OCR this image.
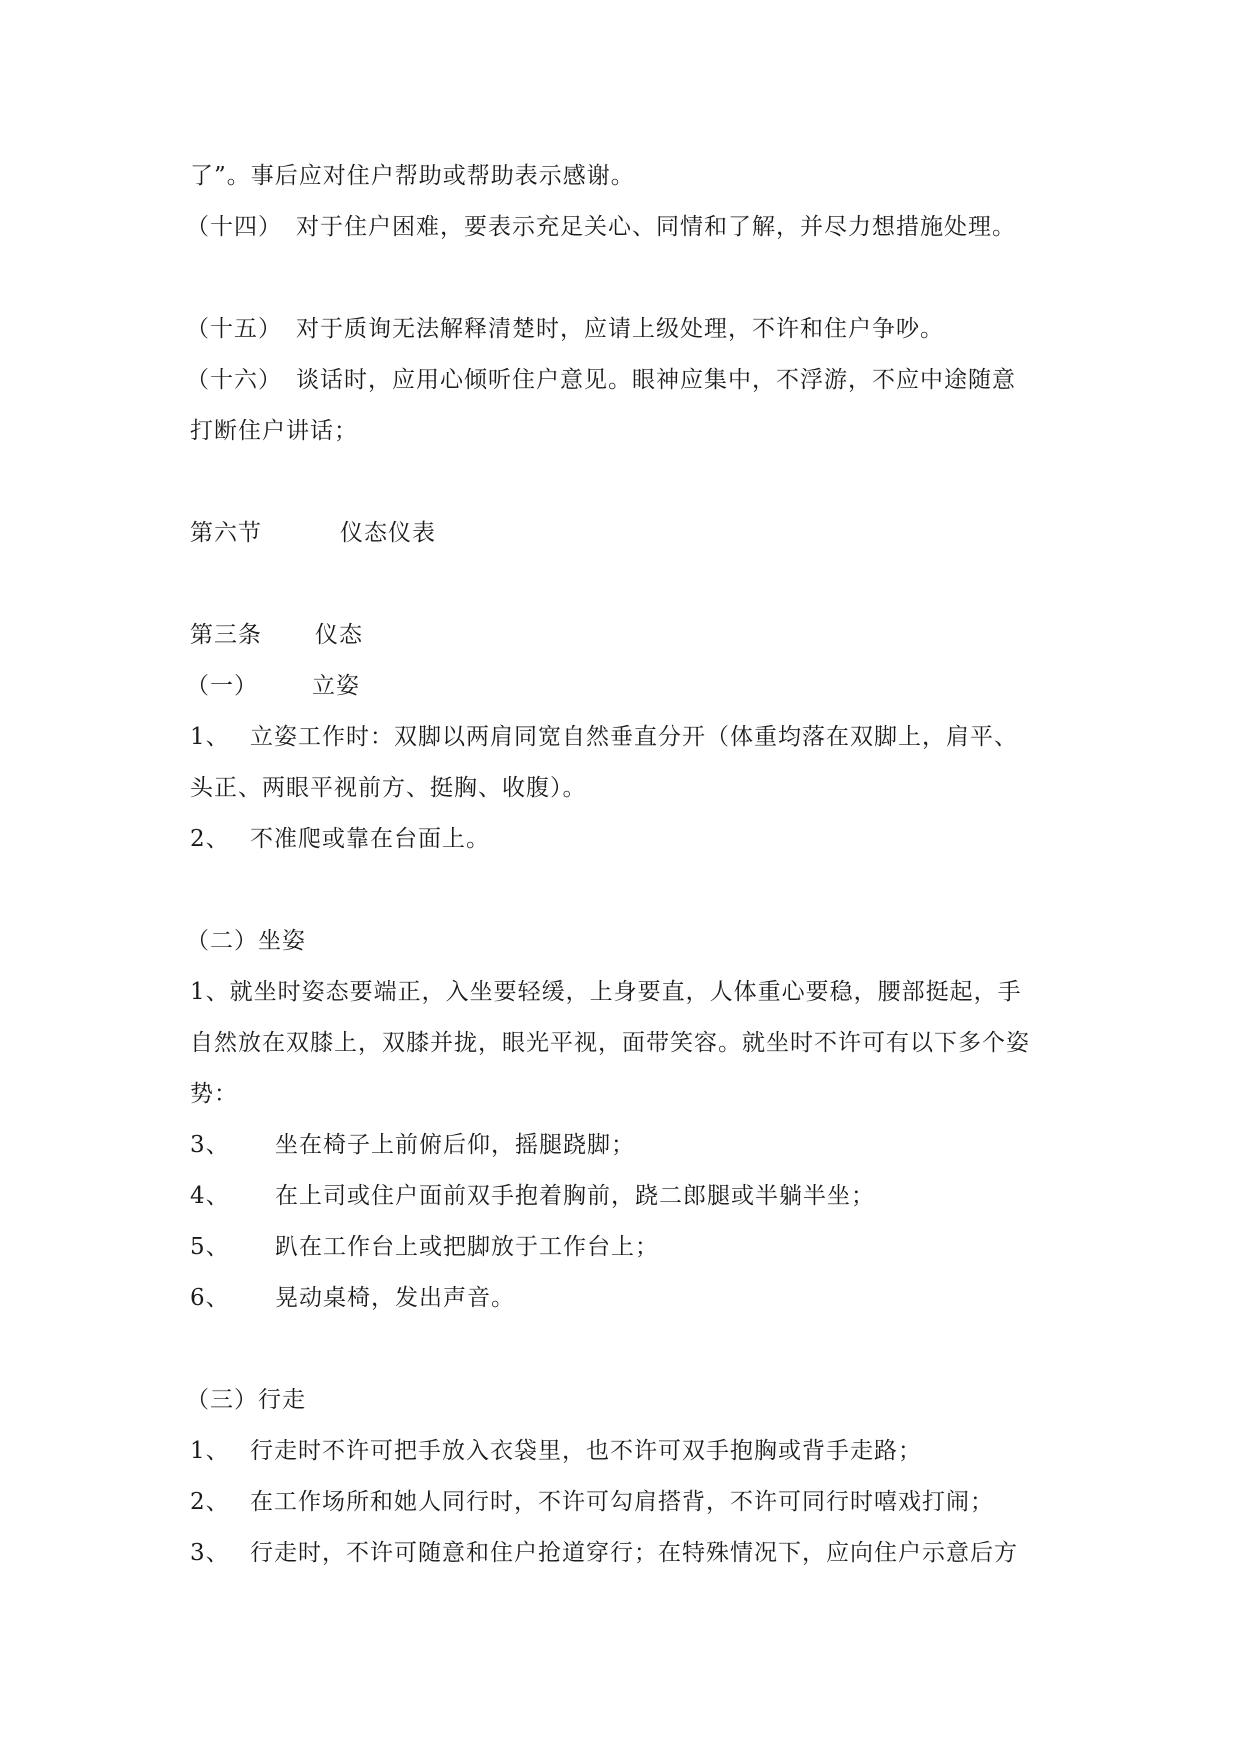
了”。事后应对住户帮助或帮助表示感谢。
（十四） 对于住户困难，要表示充足关心、同情和了解，并尽力想措施处理。
（十五） 对于质询无法解释清楚时，应请上级处理，不许和住户争吵。
（十六） 谈话时，应用心倾听住户意见。眼神应集中，不浮游，不应中途随意
打断住户讲话；
第六节	仪态仪表
第三条 仪态
（一） 立姿
1、 立姿工作时：双脚以两肩同宽自然垂直分开（体重均落在双脚上，肩平、
头正、两眼平视前方、挺胸、收腹）。
2、 不准爬或靠在台面上。
（二）坐姿
1、就坐时姿态要端正，入坐要轻缓，上身要直，人体重心要稳，腰部挺起，手
自然放在双膝上，双膝并拢，眼光平视，面带笑容。就坐时不许可有以下多个姿
势：
3、 坐在椅子上前俯后仰，摇腿跷脚；
4、 在上司或住户面前双手抱着胸前，跷二郎腿或半躺半坐；
5、 趴在工作台上或把脚放于工作台上；
6、 晃动桌椅，发出声音。
（三）行走
1、 行走时不许可把手放入衣袋里，也不许可双手抱胸或背手走路；
2、 在工作场所和她人同行时，不许可勾肩搭背，不许可同行时嘻戏打闹；
3、 行走时，不许可随意和住户抢道穿行；在特殊情况下，应向住户示意后方
